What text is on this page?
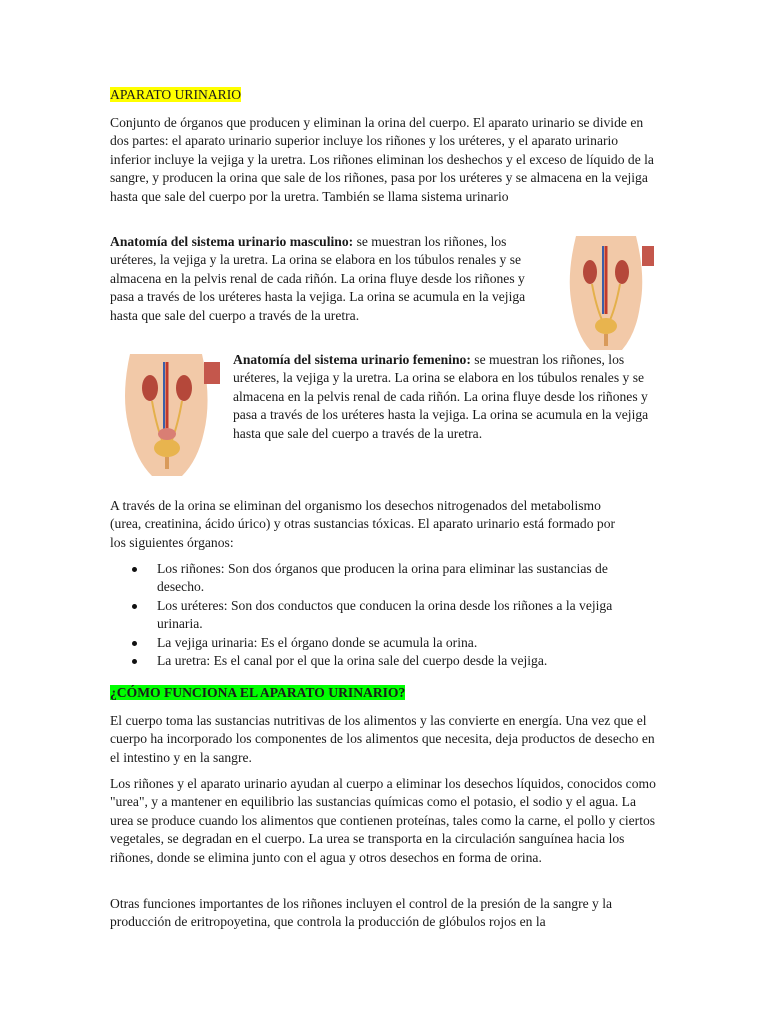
APARATO URINARIO
Conjunto de órganos que producen y eliminan la orina del cuerpo. El aparato urinario se divide en dos partes: el aparato urinario superior incluye los riñones y los uréteres, y el aparato urinario inferior incluye la vejiga y la uretra. Los riñones eliminan los deshechos y el exceso de líquido de la sangre, y producen la orina que sale de los riñones, pasa por los uréteres y se almacena en la vejiga hasta que sale del cuerpo por la uretra. También se llama sistema urinario
Anatomía del sistema urinario masculino: se muestran los riñones, los uréteres, la vejiga y la uretra. La orina se elabora en los túbulos renales y se almacena en la pelvis renal de cada riñón. La orina fluye desde los riñones y pasa a través de los uréteres hasta la vejiga. La orina se acumula en la vejiga hasta que sale del cuerpo a través de la uretra.
Anatomía del sistema urinario femenino: se muestran los riñones, los uréteres, la vejiga y la uretra. La orina se elabora en los túbulos renales y se almacena en la pelvis renal de cada riñón. La orina fluye desde los riñones y pasa a través de los uréteres hasta la vejiga. La orina se acumula en la vejiga hasta que sale del cuerpo a través de la uretra.
A través de la orina se eliminan del organismo los desechos nitrogenados del metabolismo (urea, creatinina, ácido úrico) y otras sustancias tóxicas. El aparato urinario está formado por los siguientes órganos:
Los riñones: Son dos órganos que producen la orina para eliminar las sustancias de desecho.
Los uréteres: Son dos conductos que conducen la orina desde los riñones a la vejiga urinaria.
La vejiga urinaria: Es el órgano donde se acumula la orina.
La uretra: Es el canal por el que la orina sale del cuerpo desde la vejiga.
¿CÓMO FUNCIONA EL APARATO URINARIO?
El cuerpo toma las sustancias nutritivas de los alimentos y las convierte en energía. Una vez que el cuerpo ha incorporado los componentes de los alimentos que necesita, deja productos de desecho en el intestino y en la sangre.
Los riñones y el aparato urinario ayudan al cuerpo a eliminar los desechos líquidos, conocidos como "urea", y a mantener en equilibrio las sustancias químicas como el potasio, el sodio y el agua. La urea se produce cuando los alimentos que contienen proteínas, tales como la carne, el pollo y ciertos vegetales, se degradan en el cuerpo. La urea se transporta en la circulación sanguínea hacia los riñones, donde se elimina junto con el agua y otros desechos en forma de orina.
Otras funciones importantes de los riñones incluyen el control de la presión de la sangre y la producción de eritropoyetina, que controla la producción de glóbulos rojos en la
